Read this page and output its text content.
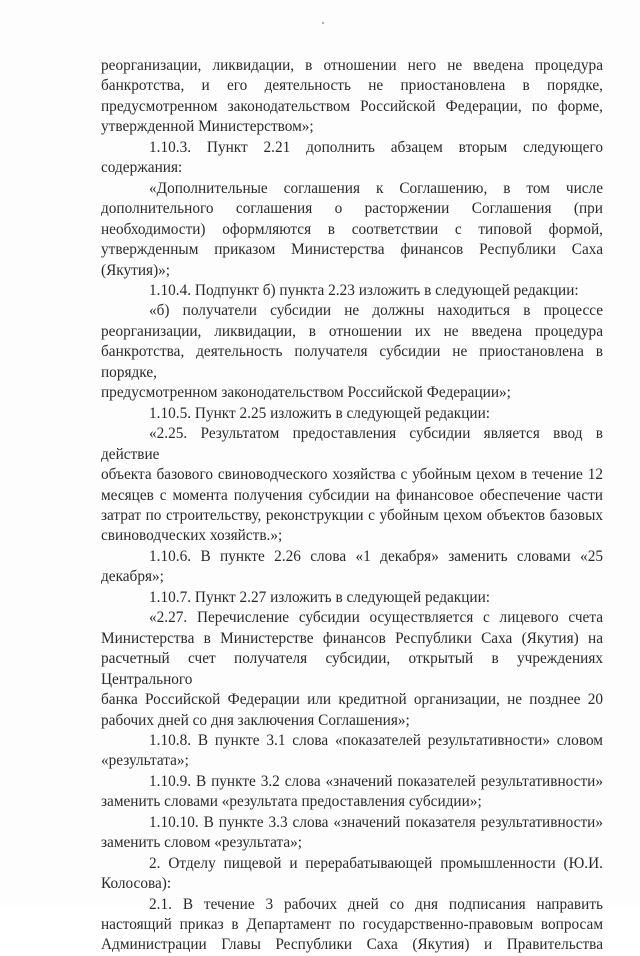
реорганизации, ликвидации, в отношении него не введена процедура
банкротства, и его деятельность не приостановлена в порядке,
предусмотренном законодательством Российской Федерации, по форме,
утвержденной Министерством»;

1.10.3. Пункт 2.21 дополнить абзацем вторым следующего

содержания:

«Дополнительные соглашения к Соглашению, в том числе

дополнительного соглашения о расторжении Соглашения (при
необходимости) оформляются в соответствии с типовой формой,
утвержденным приказом Министерства финансов Республики Саха (Якутия)»;

1.10.4. Подпункт б) пункта 2.23 изложить в следующей редакции:

«б) получатели субсидии не должны находиться в процессе

реорганизации, ликвидации, в отношении их не введена процедура
банкротства, деятельность получателя субсидии не приостановлена в порядке,
предусмотренном законодательством Российской Федерации»;

1.10.5. Пункт 2.25 изложить в следующей редакции:

«2.25. Результатом предоставления субсидии является ввод в действие

объекта базового свиноводческого хозяйства с убойным цехом в течение 12
месяцев с момента получения субсидии на финансовое обеспечение части
затрат по строительству, реконструкции с убойным цехом объектов базовых
свиноводческих хозяйств.»;

1.10.6. В пункте 2.26 слова «1 декабря» заменить словами «25

декабря»;

1.10.7. Пункт 2.27 изложить в следующей редакции:

«2.27. Перечисление субсидии осуществляется с лицевого счета

Министерства в Министерстве финансов Республики Саха (Якутия) на
расчетный счет получателя субсидии, открытый в учреждениях Центрального
банка Российской Федерации или кредитной организации, не позднее 20
рабочих дней со дня заключения Соглашения»;

1.10.8. В пункте 3.1 слова «показателей результативности» словом

«результата»;

1.10.9. В пункте 3.2 слова «значений показателей результативности»

заменить словами «результата предоставления субсидии»;

1.10.10. В пункте 3.3 слова «значений показателя результативности»

заменить словом «результата»;

2. Отделу пищевой и перерабатывающей промышленности (Ю.И.

Колосова):

2.1. В течение 3 рабочих дней со дня подписания направить

настоящий приказ в Департамент по государственно-правовым вопросам
Администрации Главы Республики Саха (Якутия) и Правительства
